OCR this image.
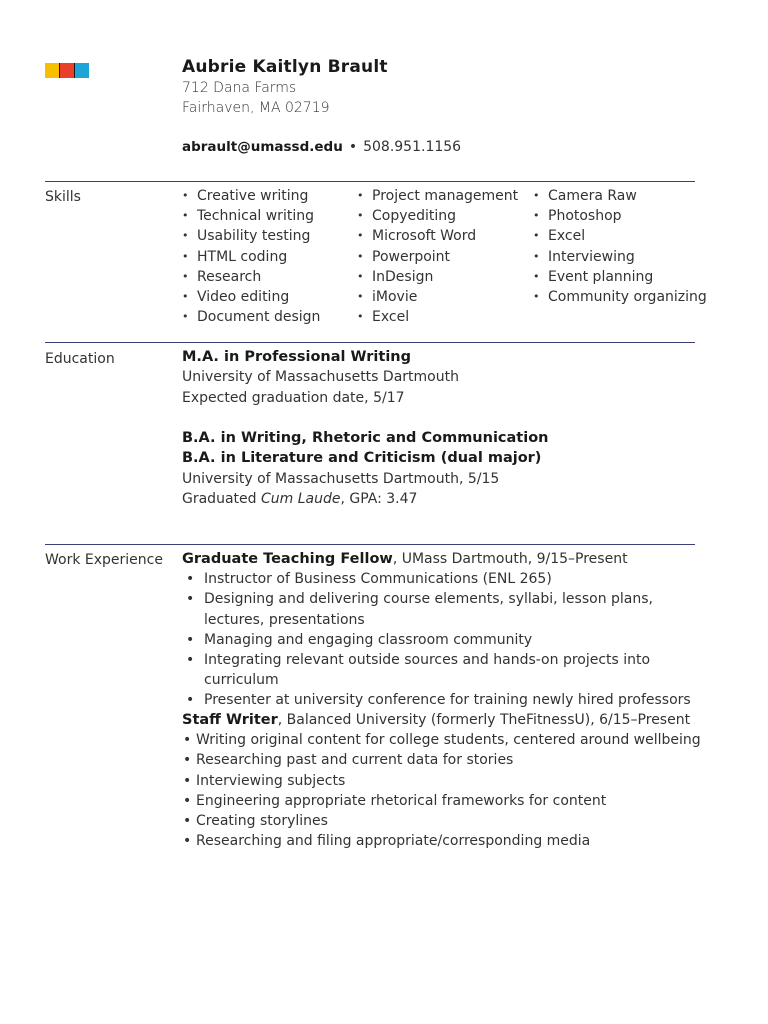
Aubrie Kaitlyn Brault
712 Dana Farms
Fairhaven, MA 02719
abrault@umassd.edu • 508.951.1156
Skills	• Creative writing
• Technical writing
• Usability testing
• HTML coding
• Research
• Video editing
• Document design
• Project management
• Copyediting
• Microsoft Word
• Powerpoint
• InDesign
• iMovie
• Excel
• Camera Raw
• Photoshop
• Excel
• Interviewing
• Event planning
• Community organizing
Education	M.A. in Professional Writing
University of Massachusetts Dartmouth
Expected graduation date, 5/17
B.A. in Writing, Rhetoric and Communication
B.A. in Literature and Criticism (dual major)
University of Massachusetts Dartmouth, 5/15
Graduated Cum Laude, GPA: 3.47
Work Experience Graduate Teaching Fellow, UMass Dartmouth, 9/15–Present
• Instructor of Business Communications (ENL 265)
• Designing and delivering course elements, syllabi, lesson plans, lectures, presentations
• Managing and engaging classroom community
• Integrating relevant outside sources and hands-on projects into curriculum
• Presenter at university conference for training newly hired professors
Staff Writer, Balanced University (formerly TheFitnessU), 6/15–Present
• Writing original content for college students, centered around wellbeing
• Researching past and current data for stories
• Interviewing subjects
• Engineering appropriate rhetorical frameworks for content
• Creating storylines
• Researching and filing appropriate/corresponding media
